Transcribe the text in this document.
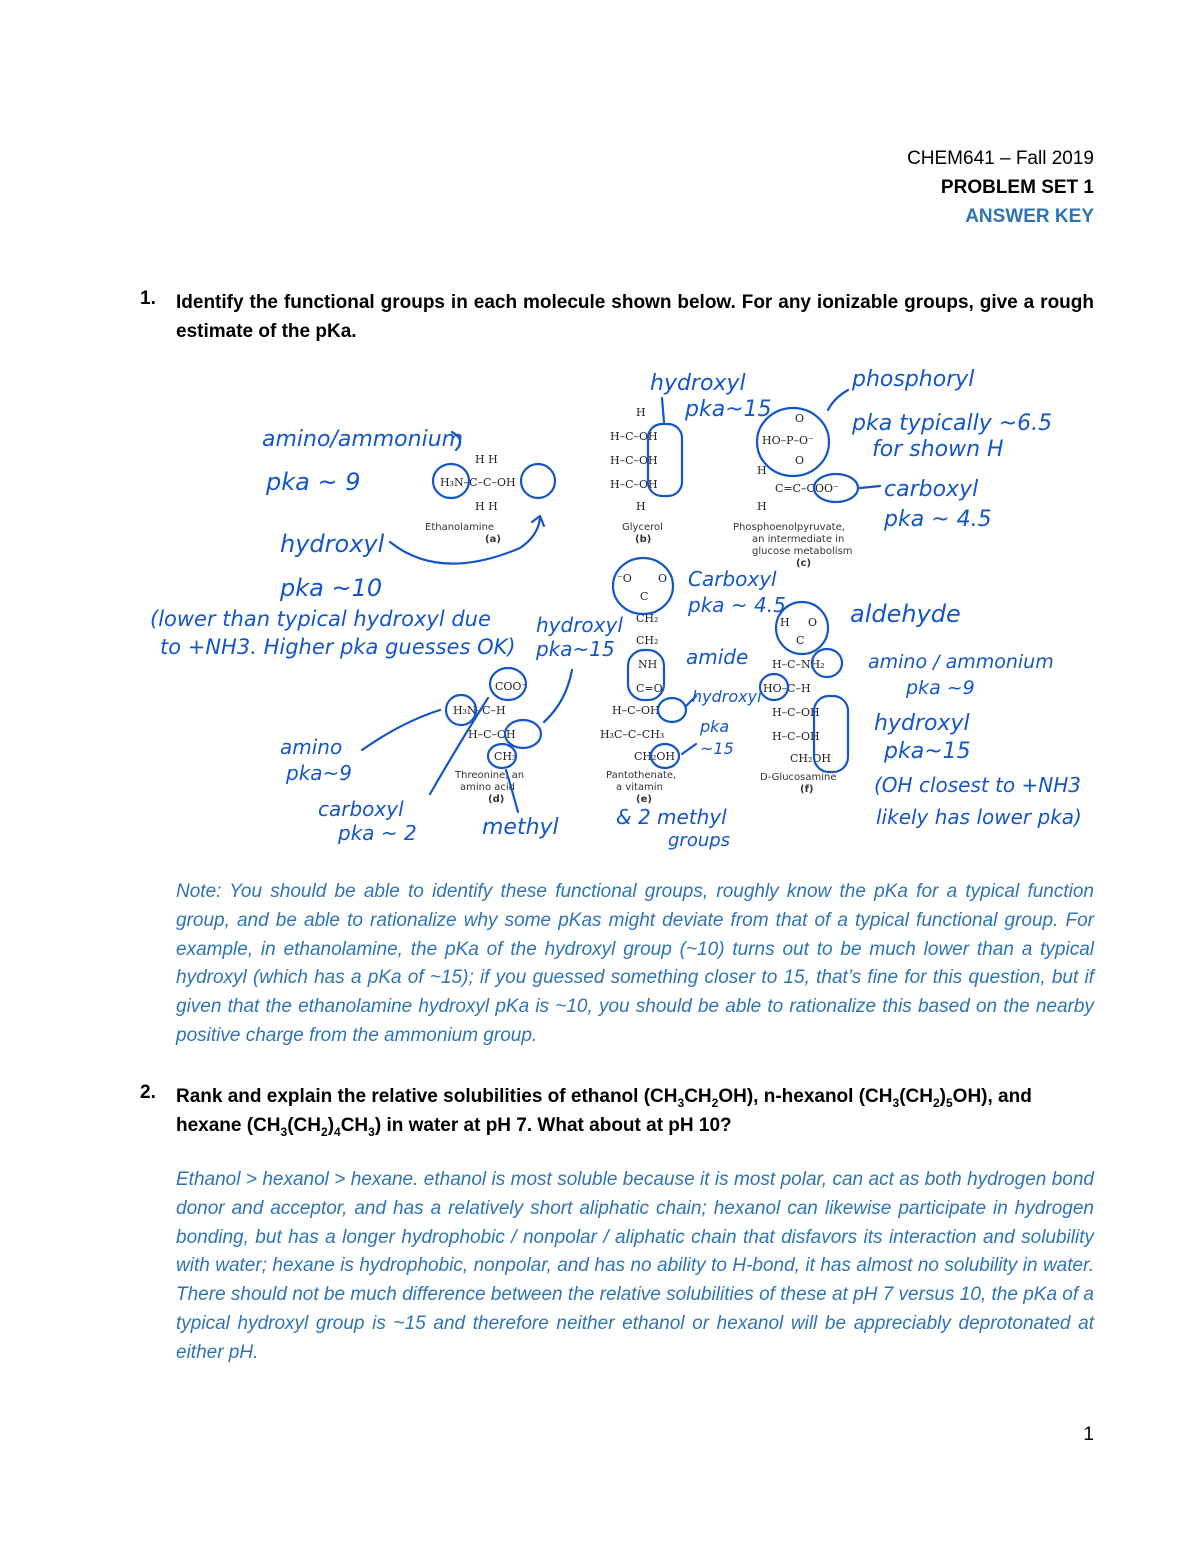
CHEM641 – Fall 2019
PROBLEM SET 1
ANSWER KEY
1. Identify the functional groups in each molecule shown below. For any ionizable groups, give a rough estimate of the pKa.
H H
H₃N–C–C–OH
H H
Ethanolamine
(a)
H
H–C–OH
H–C–OH
H–C–OH
H
Glycerol
(b)
O
HO–P–O⁻
O
H
C=C–COO⁻
H
Phosphoenolpyruvate,
an intermediate in
glucose metabolism
(c)
COO⁻
H₃N–C–H
H–C–OH
CH₃
Threonine, an
amino acid
(d)
⁻O O
C
CH₂
CH₂
NH
C=O
H–C–OH
H₃C–C–CH₃
CH₂OH
Pantothenate,
a vitamin
(e)
H O
C
H–C–NH₂
HO–C–H
H–C–OH
H–C–OH
CH₂OH
D-Glucosamine
(f)
amino/ammonium
pka ~ 9
hydroxyl
pka ~10
(lower than typical hydroxyl due
to +NH3. Higher pka guesses OK)
hydroxyl
pka~15
phosphoryl
pka typically ~6.5
for shown H
carboxyl
pka ~ 4.5
hydroxyl
pka~15
amino
pka~9
carboxyl
pka ~ 2	methyl
Carboxyl
pka ~ 4.5
amide
hydroxyl
pka
~15
& 2 methyl
groups
aldehyde
amino / ammonium
pka ~9
hydroxyl
pka~15
(OH closest to +NH3
likely has lower pka)
Note: You should be able to identify these functional groups, roughly know the pKa for a typical function group, and be able to rationalize why some pKas might deviate from that of a typical functional group. For example, in ethanolamine, the pKa of the hydroxyl group (~10) turns out to be much lower than a typical hydroxyl (which has a pKa of ~15); if you guessed something closer to 15, that’s fine for this question, but if given that the ethanolamine hydroxyl pKa is ~10, you should be able to rationalize this based on the nearby positive charge from the ammonium group.
2. Rank and explain the relative solubilities of ethanol $(CH_3CH_2OH)$, n-hexanol $(CH_3(CH_2)_5OH)$, and
hexane $(CH_3(CH_2)_4CH_3)$ in water at pH 7. What about at pH 10?
Ethanol > hexanol > hexane. ethanol is most soluble because it is most polar, can act as both hydrogen bond donor and acceptor, and has a relatively short aliphatic chain; hexanol can likewise participate in hydrogen bonding, but has a longer hydrophobic / nonpolar / aliphatic chain that disfavors its interaction and solubility with water; hexane is hydrophobic, nonpolar, and has no ability to H-bond, it has almost no solubility in water. There should not be much difference between the relative solubilities of these at pH 7 versus 10, the pKa of a typical hydroxyl group is ~15 and therefore neither ethanol or hexanol will be appreciably deprotonated at either pH.
1
